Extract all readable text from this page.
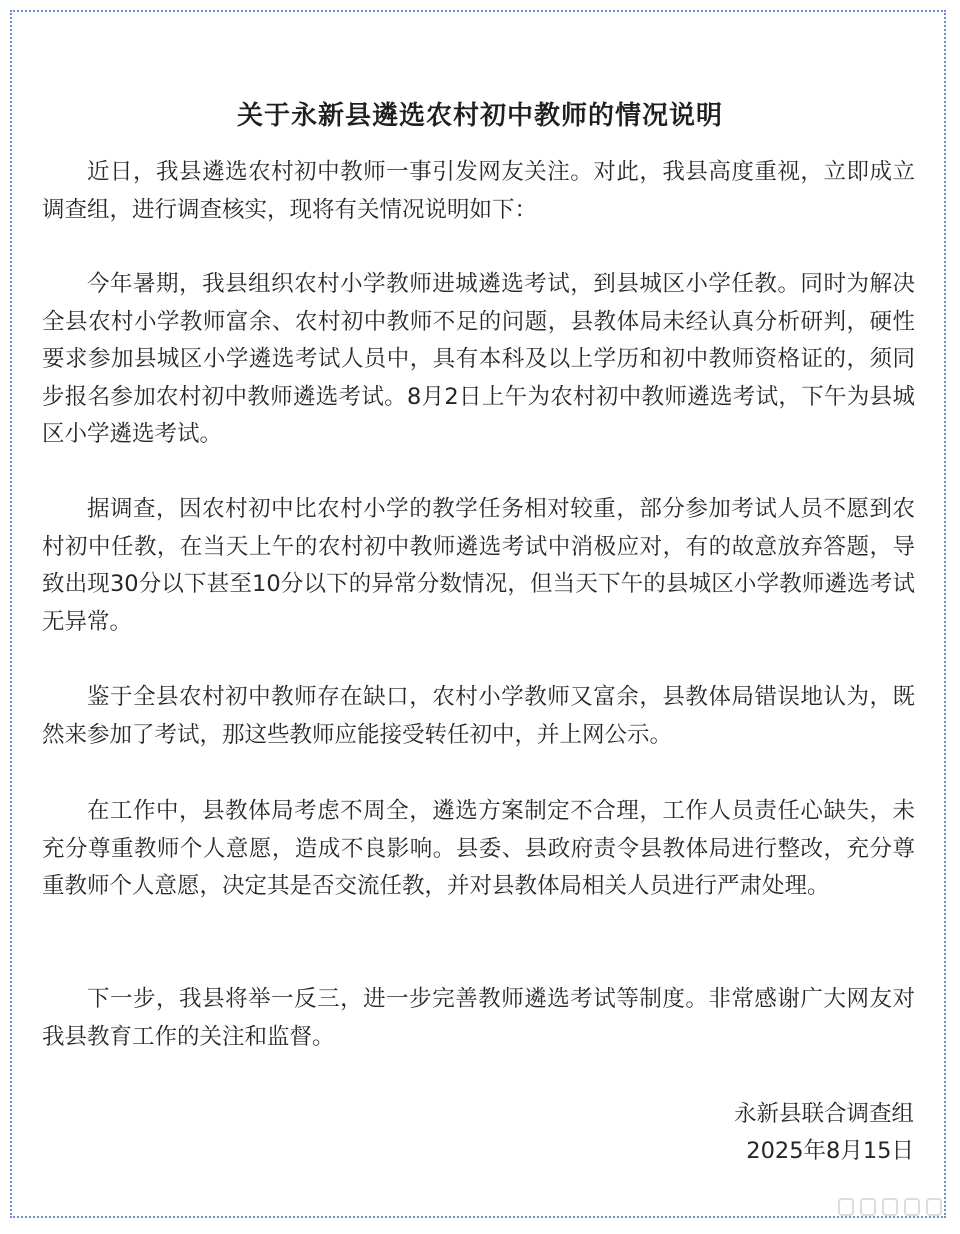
关于永新县遴选农村初中教师的情况说明

近日，我县遴选农村初中教师一事引发网友关注。对此，我县高度重视，立即成立调查组，进行调查核实，现将有关情况说明如下：

今年暑期，我县组织农村小学教师进城遴选考试，到县城区小学任教。同时为解决全县农村小学教师富余、农村初中教师不足的问题，县教体局未经认真分析研判，硬性要求参加县城区小学遴选考试人员中，具有本科及以上学历和初中教师资格证的，须同步报名参加农村初中教师遴选考试。8月2日上午为农村初中教师遴选考试，下午为县城区小学遴选考试。

据调查，因农村初中比农村小学的教学任务相对较重，部分参加考试人员不愿到农村初中任教，在当天上午的农村初中教师遴选考试中消极应对，有的故意放弃答题，导致出现30分以下甚至10分以下的异常分数情况，但当天下午的县城区小学教师遴选考试无异常。

鉴于全县农村初中教师存在缺口，农村小学教师又富余，县教体局错误地认为，既然来参加了考试，那这些教师应能接受转任初中，并上网公示。

在工作中，县教体局考虑不周全，遴选方案制定不合理，工作人员责任心缺失，未充分尊重教师个人意愿，造成不良影响。县委、县政府责令县教体局进行整改，充分尊重教师个人意愿，决定其是否交流任教，并对县教体局相关人员进行严肃处理。

下一步，我县将举一反三，进一步完善教师遴选考试等制度。非常感谢广大网友对我县教育工作的关注和监督。

永新县联合调查组
2025年8月15日
